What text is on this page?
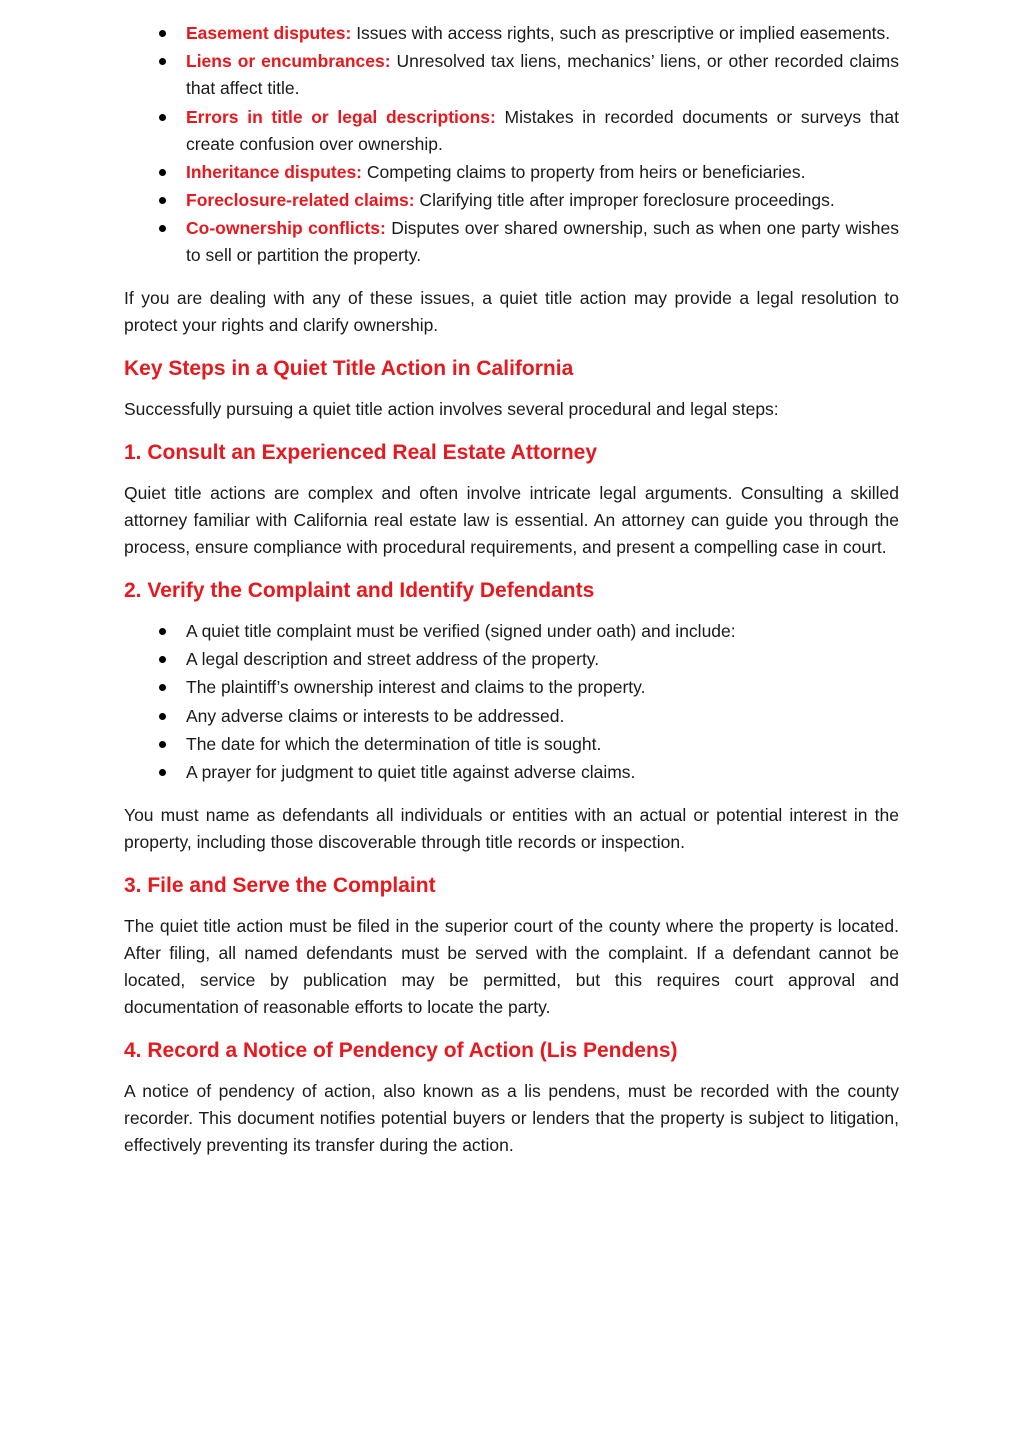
Easement disputes: Issues with access rights, such as prescriptive or implied easements.
Liens or encumbrances: Unresolved tax liens, mechanics’ liens, or other recorded claims that affect title.
Errors in title or legal descriptions: Mistakes in recorded documents or surveys that create confusion over ownership.
Inheritance disputes: Competing claims to property from heirs or beneficiaries.
Foreclosure-related claims: Clarifying title after improper foreclosure proceedings.
Co-ownership conflicts: Disputes over shared ownership, such as when one party wishes to sell or partition the property.

If you are dealing with any of these issues, a quiet title action may provide a legal resolution to protect your rights and clarify ownership.

Key Steps in a Quiet Title Action in California

Successfully pursuing a quiet title action involves several procedural and legal steps:

1. Consult an Experienced Real Estate Attorney

Quiet title actions are complex and often involve intricate legal arguments. Consulting a skilled attorney familiar with California real estate law is essential. An attorney can guide you through the process, ensure compliance with procedural requirements, and present a compelling case in court.

2. Verify the Complaint and Identify Defendants
A quiet title complaint must be verified (signed under oath) and include:
A legal description and street address of the property.
The plaintiff’s ownership interest and claims to the property.
Any adverse claims or interests to be addressed.
The date for which the determination of title is sought.
A prayer for judgment to quiet title against adverse claims.

You must name as defendants all individuals or entities with an actual or potential interest in the property, including those discoverable through title records or inspection.

3. File and Serve the Complaint

The quiet title action must be filed in the superior court of the county where the property is located. After filing, all named defendants must be served with the complaint. If a defendant cannot be located, service by publication may be permitted, but this requires court approval and documentation of reasonable efforts to locate the party.

4. Record a Notice of Pendency of Action (Lis Pendens)

A notice of pendency of action, also known as a lis pendens, must be recorded with the county recorder. This document notifies potential buyers or lenders that the property is subject to litigation, effectively preventing its transfer during the action.
